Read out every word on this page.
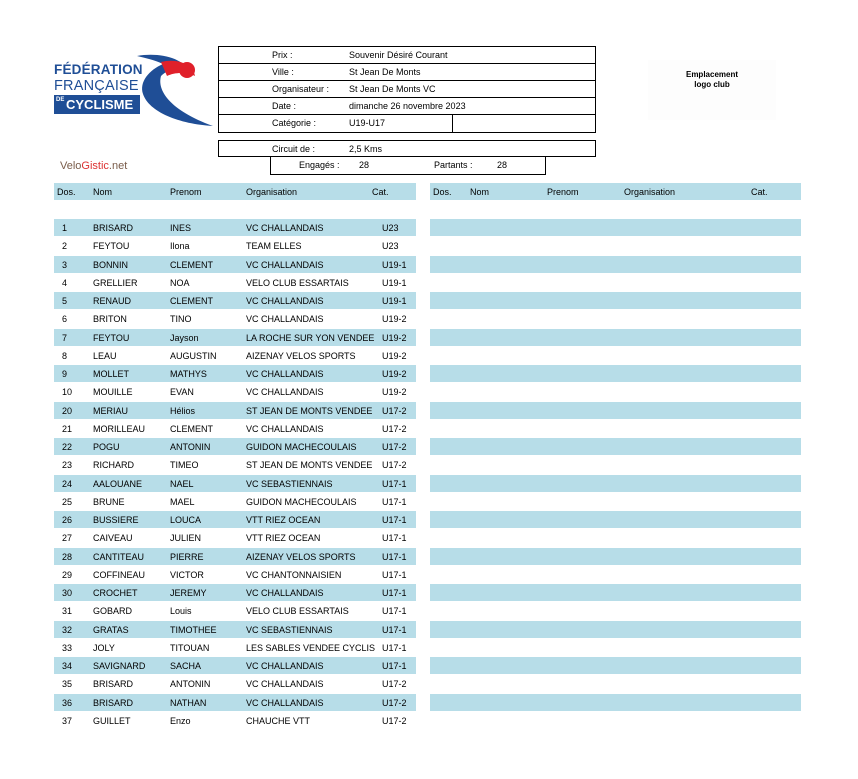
FÉDÉRATION
FRANÇAISE
DE CYCLISME
Prix :	Souvenir Désiré Courant
Ville :	St Jean De Monts
Organisateur : St Jean De Monts VC
Date :	dimanche 26 novembre 2023
Catégorie :	U19-U17
Circuit de :	2,5 Kms
Engagés : 28	Partants :	28
VeloGistic.net
Emplacement
logo club
Dos. Nom	Prenom	Organisation	Cat.	Dos. Nom	Prenom	Organisation	Cat.
1	BRISARD	INES	VC CHALLANDAIS	U23
2	FEYTOU	Ilona	TEAM ELLES	U23
3	BONNIN	CLEMENT	VC CHALLANDAIS	U19-1
4	GRELLIER	NOA	VELO CLUB ESSARTAIS	U19-1
5	RENAUD	CLEMENT	VC CHALLANDAIS	U19-1
6	BRITON	TINO	VC CHALLANDAIS	U19-2
7	FEYTOU	Jayson	LA ROCHE SUR YON VENDEE U19-2
8	LEAU	AUGUSTIN	AIZENAY VELOS SPORTS	U19-2
9	MOLLET	MATHYS	VC CHALLANDAIS	U19-2
10 MOUILLE	EVAN	VC CHALLANDAIS	U19-2
20 MERIAU	Hélios	ST JEAN DE MONTS VENDEE U17-2
21 MORILLEAU	CLEMENT	VC CHALLANDAIS	U17-2
22 POGU	ANTONIN	GUIDON MACHECOULAIS	U17-2
23 RICHARD	TIMEO	ST JEAN DE MONTS VENDEE U17-2
24 AALOUANE	NAEL	VC SEBASTIENNAIS	U17-1
25 BRUNE	MAEL	GUIDON MACHECOULAIS	U17-1
26 BUSSIERE	LOUCA	VTT RIEZ OCEAN	U17-1
27 CAIVEAU	JULIEN	VTT RIEZ OCEAN	U17-1
28 CANTITEAU	PIERRE	AIZENAY VELOS SPORTS	U17-1
29 COFFINEAU	VICTOR	VC CHANTONNAISIEN	U17-1
30 CROCHET	JEREMY	VC CHALLANDAIS	U17-1
31 GOBARD	Louis	VELO CLUB ESSARTAIS	U17-1
32 GRATAS	TIMOTHEE	VC SEBASTIENNAIS	U17-1
33 JOLY	TITOUAN	LES SABLES VENDEE CYCLIS U17-1
34 SAVIGNARD	SACHA	VC CHALLANDAIS	U17-1
35 BRISARD	ANTONIN	VC CHALLANDAIS	U17-2
36 BRISARD	NATHAN	VC CHALLANDAIS	U17-2
37 GUILLET	Enzo	CHAUCHE VTT	U17-2
